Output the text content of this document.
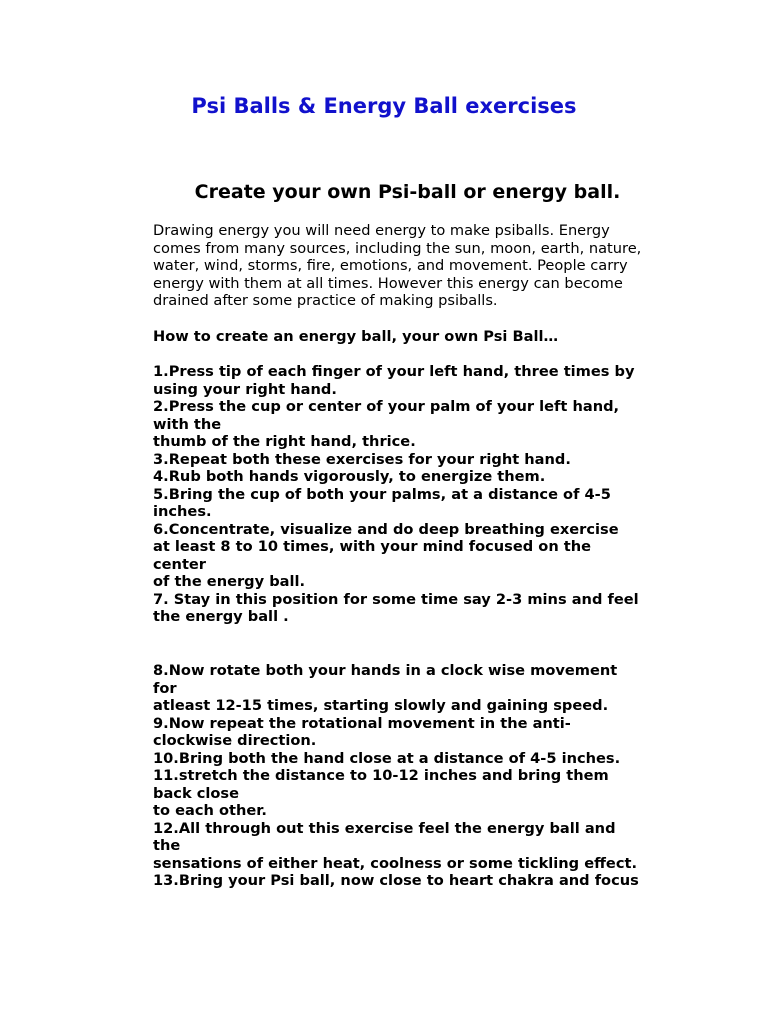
Psi Balls & Energy Ball exercises
Create your own Psi-ball or energy ball.

Drawing energy you will need energy to make psiballs. Energy
comes from many sources, including the sun, moon, earth, nature,
water, wind, storms, fire, emotions, and movement. People carry
energy with them at all times. However this energy can become
drained after some practice of making psiballs.

How to create an energy ball, your own Psi Ball…

1.Press tip of each finger of your left hand, three times by
using your right hand.
2.Press the cup or center of your palm of your left hand,
with the
thumb of the right hand, thrice.
3.Repeat both these exercises for your right hand.
4.Rub both hands vigorously, to energize them.
5.Bring the cup of both your palms, at a distance of 4-5
inches.
6.Concentrate, visualize and do deep breathing exercise
at least 8 to 10 times, with your mind focused on the
center
of the energy ball.
7. Stay in this position for some time say 2-3 mins and feel
the energy ball .
8.Now rotate both your hands in a clock wise movement
for
atleast 12-15 times, starting slowly and gaining speed.
9.Now repeat the rotational movement in the anti-
clockwise direction.
10.Bring both the hand close at a distance of 4-5 inches.
11.stretch the distance to 10-12 inches and bring them
back close
to each other.
12.All through out this exercise feel the energy ball and
the
sensations of either heat, coolness or some tickling effect.
13.Bring your Psi ball, now close to heart chakra and focus
